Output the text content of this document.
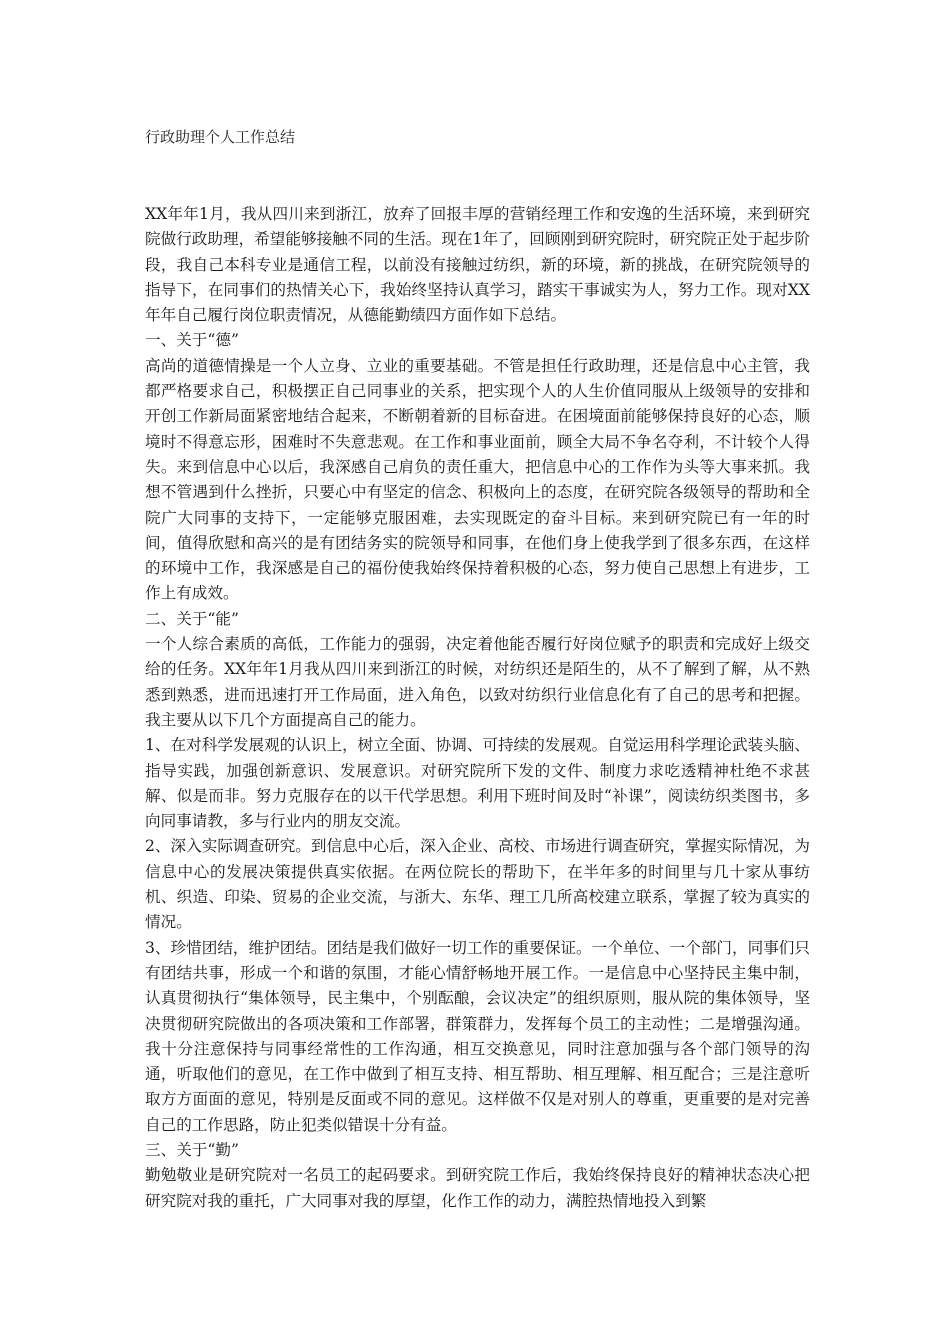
行政助理个人工作总结

XX年年1月，我从四川来到浙江，放弃了回报丰厚的营销经理工作和安逸的生活环境，来到研究院做行政助理，希望能够接触不同的生活。现在1年了，回顾刚到研究院时，研究院正处于起步阶段，我自己本科专业是通信工程，以前没有接触过纺织，新的环境，新的挑战，在研究院领导的指导下，在同事们的热情关心下，我始终坚持认真学习，踏实干事诚实为人，努力工作。现对XX年年自己履行岗位职责情况，从德能勤绩四方面作如下总结。

一、关于“德”

高尚的道德情操是一个人立身、立业的重要基础。不管是担任行政助理，还是信息中心主管，我都严格要求自己，积极摆正自己同事业的关系，把实现个人的人生价值同服从上级领导的安排和开创工作新局面紧密地结合起来，不断朝着新的目标奋进。在困境面前能够保持良好的心态，顺境时不得意忘形，困难时不失意悲观。在工作和事业面前，顾全大局不争名夺利，不计较个人得失。来到信息中心以后，我深感自己肩负的责任重大，把信息中心的工作作为头等大事来抓。我想不管遇到什么挫折，只要心中有坚定的信念、积极向上的态度，在研究院各级领导的帮助和全院广大同事的支持下，一定能够克服困难，去实现既定的奋斗目标。来到研究院已有一年的时间，值得欣慰和高兴的是有团结务实的院领导和同事，在他们身上使我学到了很多东西，在这样的环境中工作，我深感是自己的福份使我始终保持着积极的心态，努力使自己思想上有进步，工作上有成效。

二、关于“能”

一个人综合素质的高低，工作能力的强弱，决定着他能否履行好岗位赋予的职责和完成好上级交给的任务。XX年年1月我从四川来到浙江的时候，对纺织还是陌生的，从不了解到了解，从不熟悉到熟悉，进而迅速打开工作局面，进入角色，以致对纺织行业信息化有了自己的思考和把握。我主要从以下几个方面提高自己的能力。

1、在对科学发展观的认识上，树立全面、协调、可持续的发展观。自觉运用科学理论武装头脑、指导实践，加强创新意识、发展意识。对研究院所下发的文件、制度力求吃透精神杜绝不求甚解、似是而非。努力克服存在的以干代学思想。利用下班时间及时“补课”，阅读纺织类图书，多向同事请教，多与行业内的朋友交流。

2、深入实际调查研究。到信息中心后，深入企业、高校、市场进行调查研究，掌握实际情况，为信息中心的发展决策提供真实依据。在两位院长的帮助下，在半年多的时间里与几十家从事纺机、织造、印染、贸易的企业交流，与浙大、东华、理工几所高校建立联系，掌握了较为真实的情况。

3、珍惜团结，维护团结。团结是我们做好一切工作的重要保证。一个单位、一个部门，同事们只有团结共事，形成一个和谐的氛围，才能心情舒畅地开展工作。一是信息中心坚持民主集中制，认真贯彻执行“集体领导，民主集中，个别酝酿，会议决定”的组织原则，服从院的集体领导，坚决贯彻研究院做出的各项决策和工作部署，群策群力，发挥每个员工的主动性；二是增强沟通。我十分注意保持与同事经常性的工作沟通，相互交换意见，同时注意加强与各个部门领导的沟通，听取他们的意见，在工作中做到了相互支持、相互帮助、相互理解、相互配合；三是注意听取方方面面的意见，特别是反面或不同的意见。这样做不仅是对别人的尊重，更重要的是对完善自己的工作思路，防止犯类似错误十分有益。

三、关于“勤”

勤勉敬业是研究院对一名员工的起码要求。到研究院工作后，我始终保持良好的精神状态决心把研究院对我的重托，广大同事对我的厚望，化作工作的动力，满腔热情地投入到繁
